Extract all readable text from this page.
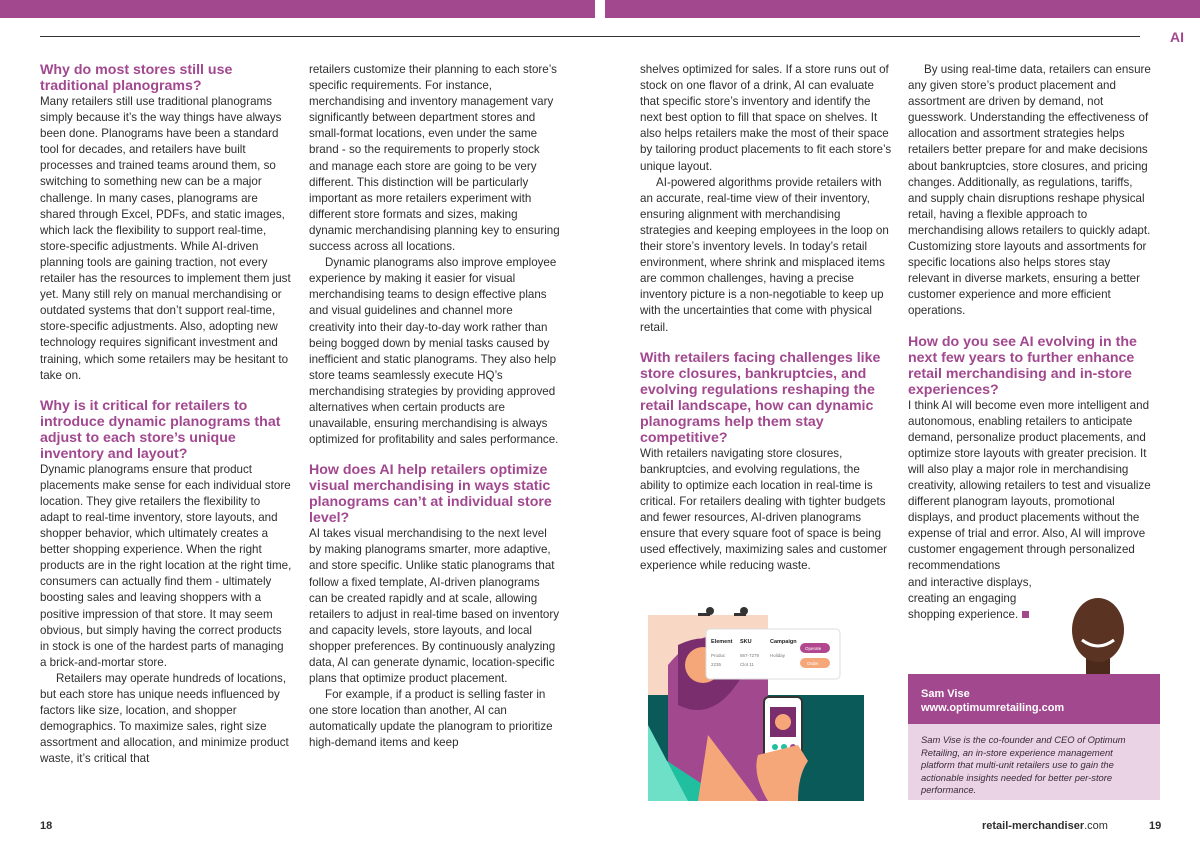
AI
Why do most stores still use traditional planograms?

Many retailers still use traditional planograms simply because it’s the way things have always been done. Planograms have been a standard tool for decades, and retailers have built processes and trained teams around them, so switching to something new can be a major challenge. In many cases, planograms are shared through Excel, PDFs, and static images, which lack the flexibility to support real-time, store-specific adjustments. While AI-driven planning tools are gaining traction, not every retailer has the resources to implement them just yet. Many still rely on manual merchandising or outdated systems that don’t support real-time, store-specific adjustments. Also, adopting new technology requires significant investment and training, which some retailers may be hesitant to take on.

Why is it critical for retailers to introduce dynamic planograms that adjust to each store’s unique inventory and layout?

Dynamic planograms ensure that product placements make sense for each individual store location. They give retailers the flexibility to adapt to real-time inventory, store layouts, and shopper behavior, which ultimately creates a better shopping experience. When the right products are in the right location at the right time, consumers can actually find them - ultimately boosting sales and leaving shoppers with a positive impression of that store. It may seem obvious, but simply having the correct products in stock is one of the hardest parts of managing a brick-and-mortar store.

Retailers may operate hundreds of locations, but each store has unique needs influenced by factors like size, location, and shopper demographics. To maximize sales, right size assortment and allocation, and minimize product waste, it’s critical that

retailers customize their planning to each store’s specific requirements. For instance, merchandising and inventory management vary significantly between department stores and small-format locations, even under the same brand - so the requirements to properly stock and manage each store are going to be very different. This distinction will be particularly important as more retailers experiment with different store formats and sizes, making dynamic merchandising planning key to ensuring success across all locations.

Dynamic planograms also improve employee experience by making it easier for visual merchandising teams to design effective plans and visual guidelines and channel more creativity into their day-to-day work rather than being bogged down by menial tasks caused by inefficient and static planograms. They also help store teams seamlessly execute HQ’s merchandising strategies by providing approved alternatives when certain products are unavailable, ensuring merchandising is always optimized for profitability and sales performance.

How does AI help retailers optimize visual merchandising in ways static planograms can’t at individual store level?

AI takes visual merchandising to the next level by making planograms smarter, more adaptive, and store specific. Unlike static planograms that follow a fixed template, AI-driven planograms can be created rapidly and at scale, allowing retailers to adjust in real-time based on inventory and capacity levels, store layouts, and local shopper preferences. By continuously analyzing data, AI can generate dynamic, location-specific plans that optimize product placement.

For example, if a product is selling faster in one store location than another, AI can automatically update the planogram to prioritize high-demand items and keep

shelves optimized for sales. If a store runs out of stock on one flavor of a drink, AI can evaluate that specific store’s inventory and identify the next best option to fill that space on shelves. It also helps retailers make the most of their space by tailoring product placements to fit each store’s unique layout.

AI-powered algorithms provide retailers with an accurate, real-time view of their inventory, ensuring alignment with merchandising strategies and keeping employees in the loop on their store’s inventory levels. In today’s retail environment, where shrink and misplaced items are common challenges, having a precise inventory picture is a non-negotiable to keep up with the uncertainties that come with physical retail.

With retailers facing challenges like store closures, bankruptcies, and evolving regulations reshaping the retail landscape, how can dynamic planograms help them stay competitive?

With retailers navigating store closures, bankruptcies, and evolving regulations, the ability to optimize each location in real-time is critical. For retailers dealing with tighter budgets and fewer resources, AI-driven planograms ensure that every square foot of space is being used effectively, maximizing sales and customer experience while reducing waste.

By using real-time data, retailers can ensure any given store’s product placement and assortment are driven by demand, not guesswork. Understanding the effectiveness of allocation and assortment strategies helps retailers better prepare for and make decisions about bankruptcies, store closures, and pricing changes. Additionally, as regulations, tariffs, and supply chain disruptions reshape physical retail, having a flexible approach to merchandising allows retailers to quickly adapt. Customizing store layouts and assortments for specific locations also helps stores stay relevant in diverse markets, ensuring a better customer experience and more efficient operations.

How do you see AI evolving in the next few years to further enhance retail merchandising and in-store experiences?

I think AI will become even more intelligent and autonomous, enabling retailers to anticipate demand, personalize product placements, and optimize store layouts with greater precision. It will also play a major role in merchandising creativity, allowing retailers to test and visualize different planogram layouts, promotional displays, and product placements without the expense of trial and error. Also, AI will improve customer engagement through personalized recommendations

and interactive displays, creating an engaging shopping experience.

Element SKU	Campaign
Produc	567-7279 Holiday
2235	Clot 11
Operate
Order
Sam Vise
www.optimumretailing.com
Sam Vise is the co-founder and CEO of Optimum Retailing, an in-store experience management platform that multi-unit retailers use to gain the actionable insights needed for better per-store performance.
18	retail-merchandiser.com	19
